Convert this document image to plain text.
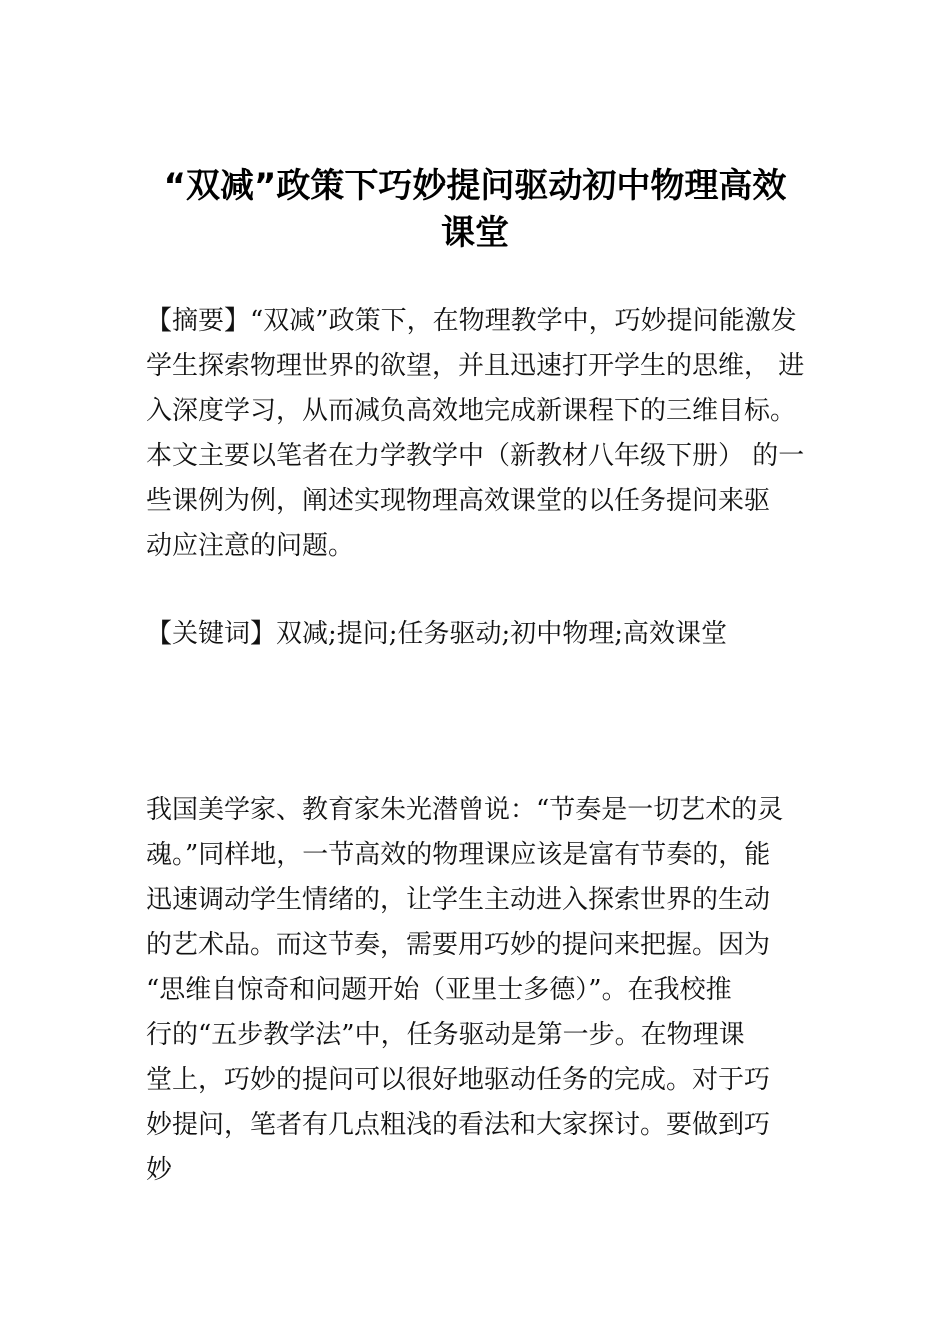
“双减”政策下巧妙提问驱动初中物理高效
课堂
【摘要】“双减”政策下，在物理教学中，巧妙提问能激发
学生探索物理世界的欲望，并且迅速打开学生的思维， 进
入深度学习，从而减负高效地完成新课程下的三维目标。
本文主要以笔者在力学教学中（新教材八年级下册） 的一
些课例为例，阐述实现物理高效课堂的以任务提问来驱
动应注意的问题。
【关键词】双减;提问;任务驱动;初中物理;高效课堂
我国美学家、教育家朱光潜曾说：“节奏是一切艺术的灵
魂。”同样地，一节高效的物理课应该是富有节奏的，能
迅速调动学生情绪的，让学生主动进入探索世界的生动
的艺术品。而这节奏，需要用巧妙的提问来把握。因为
“思维自惊奇和问题开始（亚里士多德）”。在我校推
行的“五步教学法”中，任务驱动是第一步。在物理课
堂上，巧妙的提问可以很好地驱动任务的完成。对于巧
妙提问，笔者有几点粗浅的看法和大家探讨。要做到巧
妙
